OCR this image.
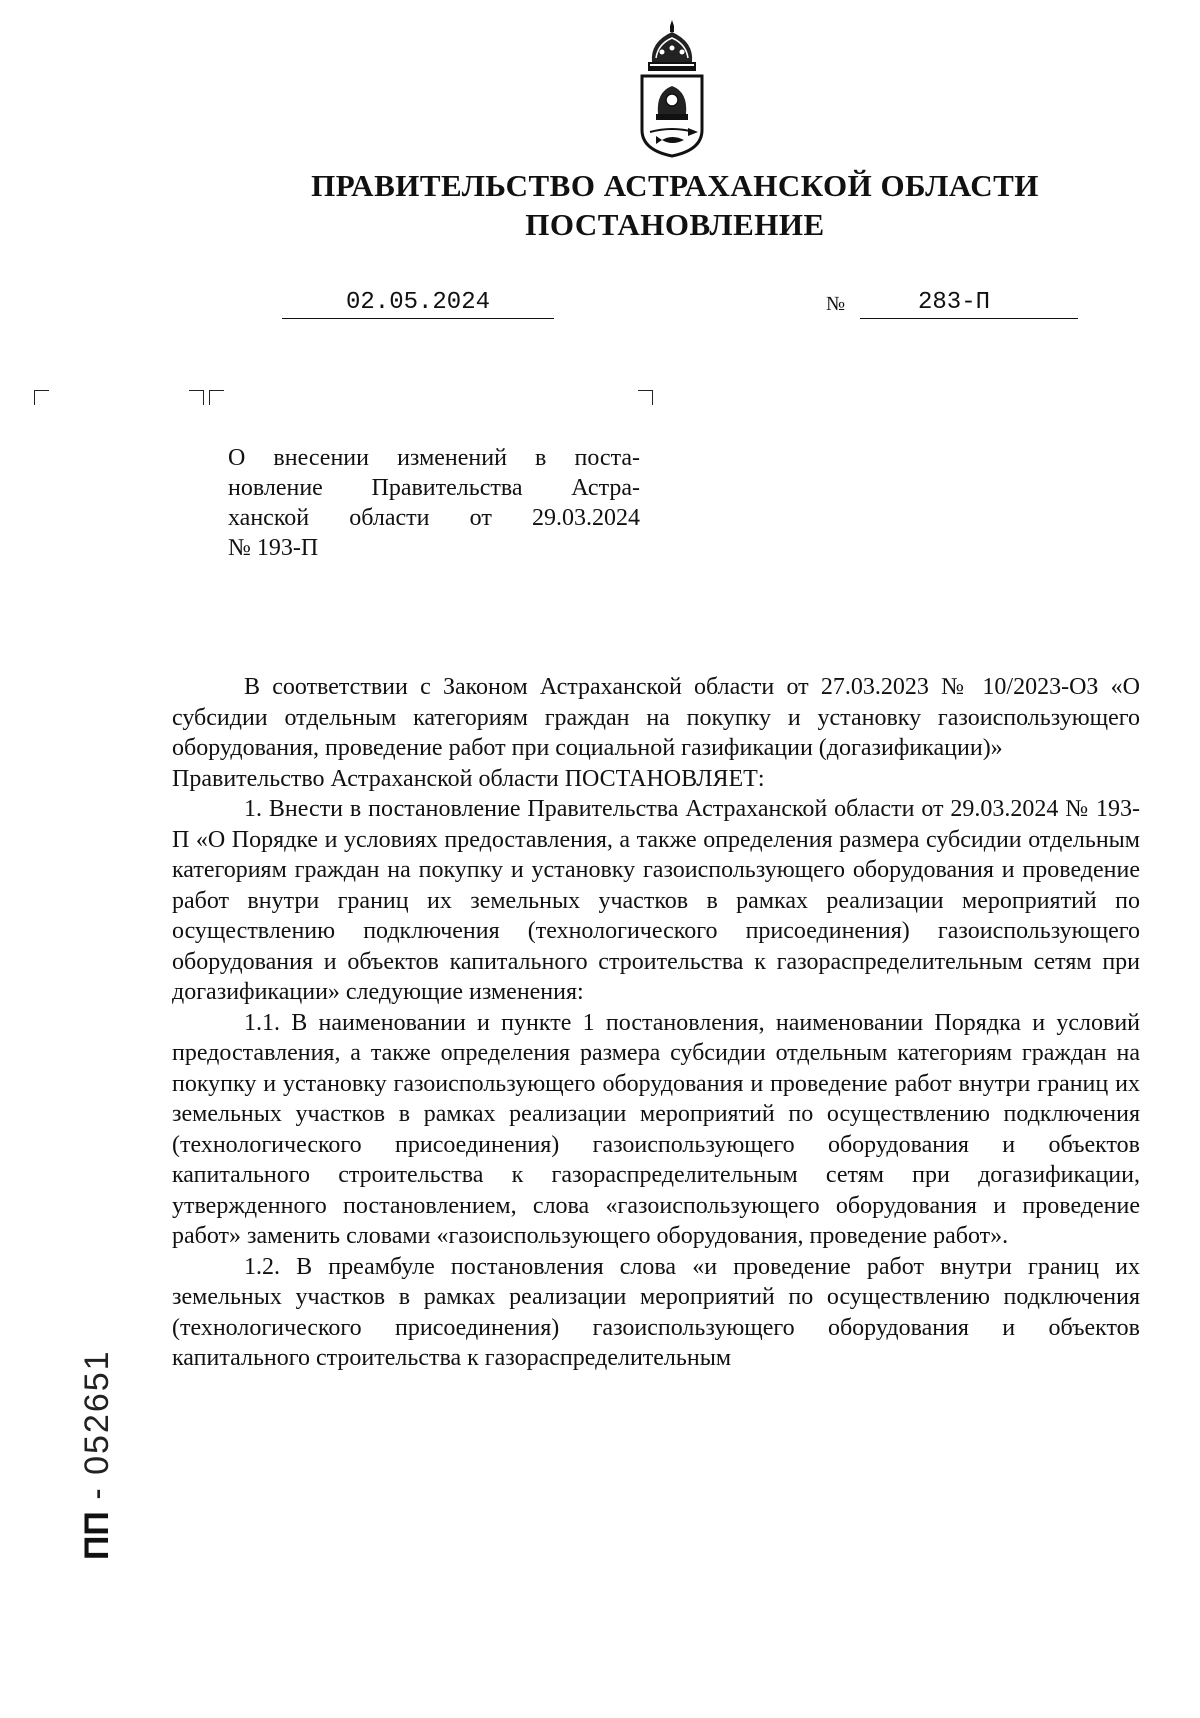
ПРАВИТЕЛЬСТВО АСТРАХАНСКОЙ ОБЛАСТИ
ПОСТАНОВЛЕНИЕ
02.05.2024	№	283-П
О внесении изменений в поста-
новление Правительства Астра-
ханской области от 29.03.2024
№ 193-П

В соответствии с Законом Астраханской области от 27.03.2023 № 10/2023-ОЗ «О субсидии отдельным категориям граждан на покупку и установку газоиспользующего оборудования, проведение работ при социальной газификации (догазификации)»

Правительство Астраханской области ПОСТАНОВЛЯЕТ:

1. Внести в постановление Правительства Астраханской области от 29.03.2024 № 193-П «О Порядке и условиях предоставления, а также определения размера субсидии отдельным категориям граждан на покупку и установку газоиспользующего оборудования и проведение работ внутри границ их земельных участков в рамках реализации мероприятий по осуществлению подключения (технологического присоединения) газоиспользующего оборудования и объектов капитального строительства к газораспределительным сетям при догазификации» следующие изменения:

1.1. В наименовании и пункте 1 постановления, наименовании Порядка и условий предоставления, а также определения размера субсидии отдельным категориям граждан на покупку и установку газоиспользующего оборудования и проведение работ внутри границ их земельных участков в рамках реализации мероприятий по осуществлению подключения (технологического присоединения) газоиспользующего оборудования и объектов капитального строительства к газораспределительным сетям при догазификации, утвержденного постановлением, слова «газоиспользующего оборудования и проведение работ» заменить словами «газоиспользующего оборудования, проведение работ».

1.2. В преамбуле постановления слова «и проведение работ внутри границ их земельных участков в рамках реализации мероприятий по осуществлению подключения (технологического присоединения) газоиспользующего оборудования и объектов капитального строительства к газораспределительным

ПП - 052651
